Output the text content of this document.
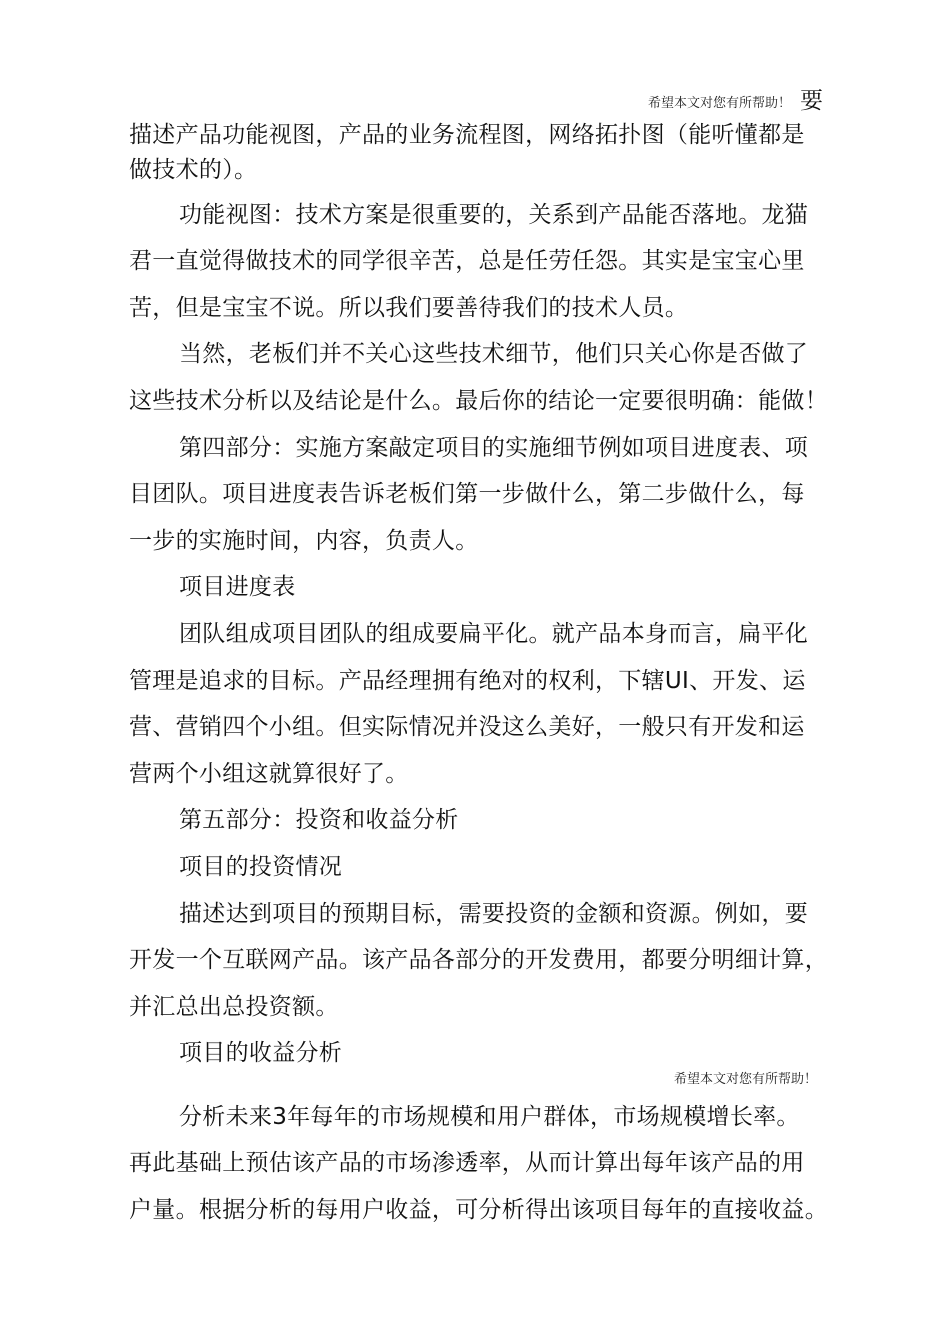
希望本文对您有所帮助！ 要
描述产品功能视图，产品的业务流程图，网络拓扑图（能听懂都是
做技术的）。
功能视图：技术方案是很重要的，关系到产品能否落地。龙猫
君一直觉得做技术的同学很辛苦，总是任劳任怨。其实是宝宝心里
苦，但是宝宝不说。所以我们要善待我们的技术人员。
当然，老板们并不关心这些技术细节，他们只关心你是否做了
这些技术分析以及结论是什么。最后你的结论一定要很明确：能做！
第四部分：实施方案敲定项目的实施细节例如项目进度表、项
目团队。项目进度表告诉老板们第一步做什么，第二步做什么，每
一步的实施时间，内容，负责人。
项目进度表
团队组成项目团队的组成要扁平化。就产品本身而言，扁平化
管理是追求的目标。产品经理拥有绝对的权利，下辖UI、开发、运
营、营销四个小组。但实际情况并没这么美好，一般只有开发和运
营两个小组这就算很好了。
第五部分：投资和收益分析
项目的投资情况
描述达到项目的预期目标，需要投资的金额和资源。例如，要
开发一个互联网产品。该产品各部分的开发费用，都要分明细计算，
并汇总出总投资额。
项目的收益分析
希望本文对您有所帮助！
分析未来3年每年的市场规模和用户群体，市场规模增长率。
再此基础上预估该产品的市场渗透率，从而计算出每年该产品的用
户量。根据分析的每用户收益，可分析得出该项目每年的直接收益。
